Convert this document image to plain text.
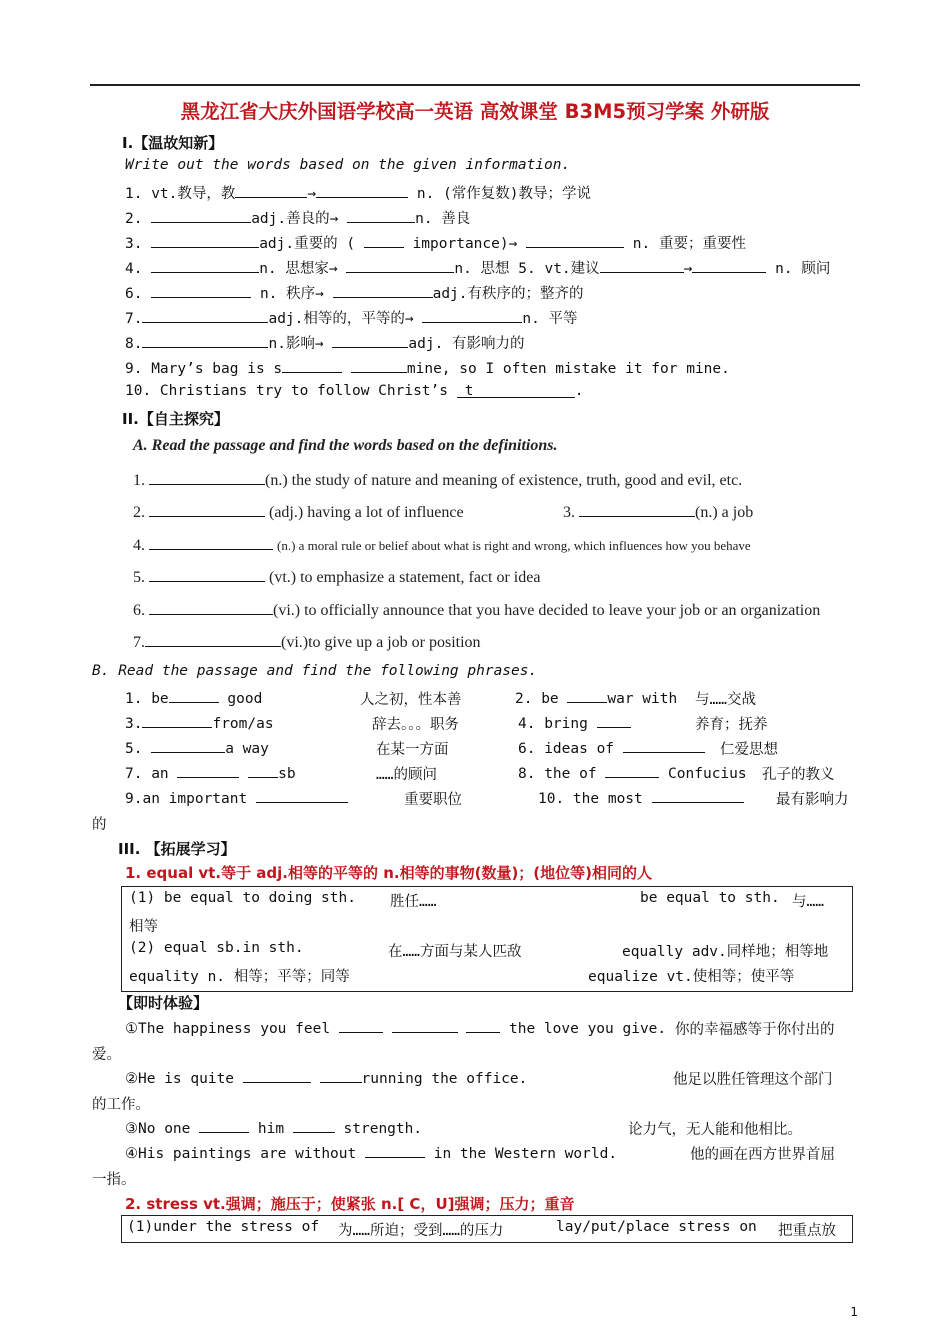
黑龙江省大庆外国语学校高一英语 高效课堂 B3M5预习学案 外研版
I.【温故知新】
Write out the words based on the given information.
1. vt.教导，教	→	n. (常作复数)教导；学说
2.	adj.善良的→	n. 善良
3.	adj.重要的 (	importance)→	n. 重要；重要性
4.	n. 思想家→	n. 思想 5. vt.建议	→	n. 顾问
6.	n. 秩序→	adj.有秩序的；整齐的
7.	adj.相等的，平等的→	n. 平等
8.	n.影响→	adj. 有影响力的
9. Mary’s bag is s	mine, so I often mistake it for mine.
10. Christians try to follow Christ’s t	.
II.【自主探究】
A. Read the passage and find the words based on the definitions.
1.	(n.) the study of nature and meaning of existence, truth, good and evil, etc.
2.	(adj.) having a lot of influence	3.	(n.) a job
4.	(n.) a moral rule or belief about what is right and wrong, which influences how you behave
5.	(vt.) to emphasize a statement, fact or idea
6.	(vi.) to officially announce that you have decided to leave your job or an organization
7.	(vi.)to give up a job or position
B. Read the passage and find the following phrases.
1. be	good	人之初，性本善	2. be	war with 与……交战
3.	from/as	辞去。。。职务	4. bring	养育；抚养
5.	a way	在某一方面	6. ideas of	仁爱思想
7. an	sb	……的顾问	8. the of	Confucius 孔子的教义
9.an important	重要职位	10. the most	最有影响力
的
III. 【拓展学习】
1. equal vt.等于 adj.相等的平等的 n.相等的事物(数量)；(地位等)相同的人
(1) be equal to doing sth. 胜任……	be equal to sth. 与……
相等
(2) equal sb.in sth.	在……方面与某人匹敌	equally adv.同样地；相等地
equality n. 相等；平等；同等	equalize vt.使相等；使平等
【即时体验】
①The happiness you feel	the love you give. 你的幸福感等于你付出的
爱。
②He is quite	running the office.	他足以胜任管理这个部门
的工作。
③No one	him	strength.	论力气，无人能和他相比。
④His paintings are without	in the Western world.	他的画在西方世界首屈
一指。
2. stress vt.强调；施压于；使紧张 n.[ C，U]强调；压力；重音
(1)under the stress of 为……所迫；受到……的压力	lay/put/place stress on 把重点放
1
